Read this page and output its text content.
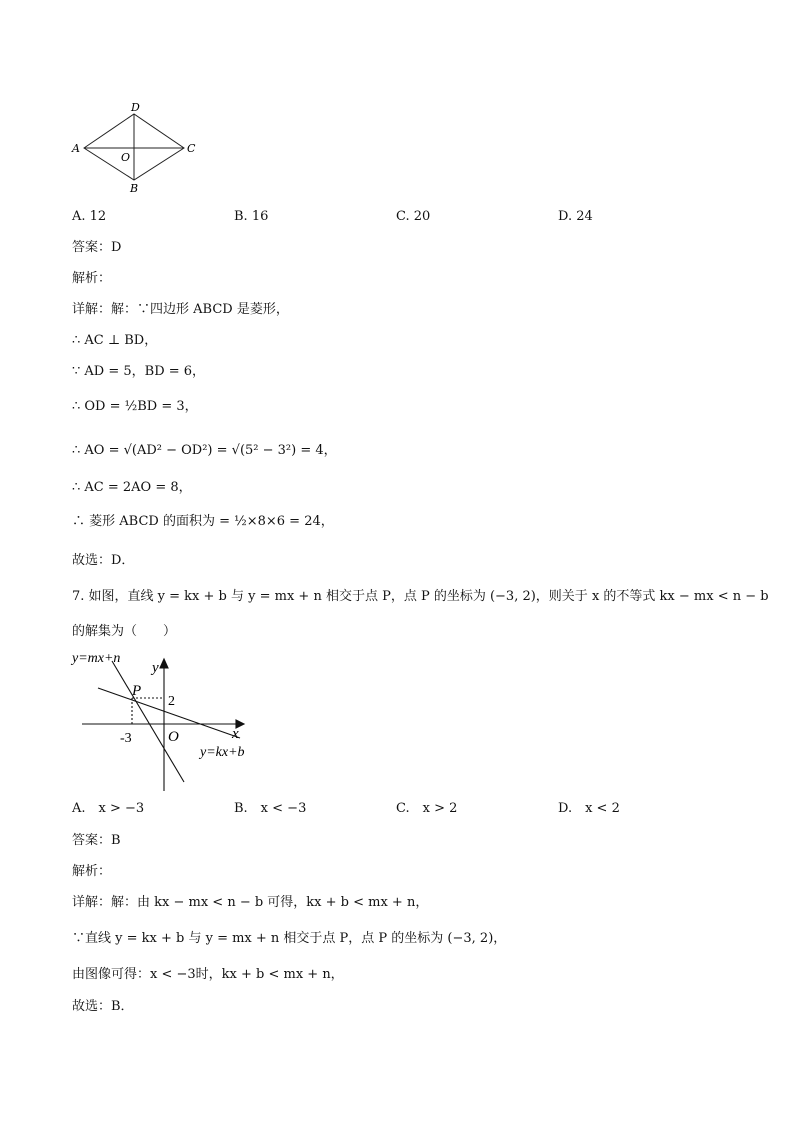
A
D
C
B
O
A. 12	B. 16	C. 20	D. 24
答案：D
解析：
详解：解：∵四边形 ABCD 是菱形，
∴ AC ⊥ BD，
∵ AD = 5，BD = 6，
∴ OD = ½BD = 3，
∴ AO = √(AD² − OD²) = √(5² − 3²) = 4，
∴ AC = 2AO = 8，
∴ 菱形 ABCD 的面积为 = ½×8×6 = 24，
故选：D．
7. 如图，直线 y = kx + b 与 y = mx + n 相交于点 P，点 P 的坐标为 (−3, 2)，则关于 x 的不等式 kx − mx < n − b
的解集为（　　）
y=mx+n
y
P
2
-3 O	x
y=kx+b
A.　x > −3	B.　x < −3	C.　x > 2	D.　x < 2
答案：B
解析：
详解：解：由 kx − mx < n − b 可得，kx + b < mx + n，
∵直线 y = kx + b 与 y = mx + n 相交于点 P，点 P 的坐标为 (−3, 2)，
由图像可得：x < −3时，kx + b < mx + n，
故选：B．
